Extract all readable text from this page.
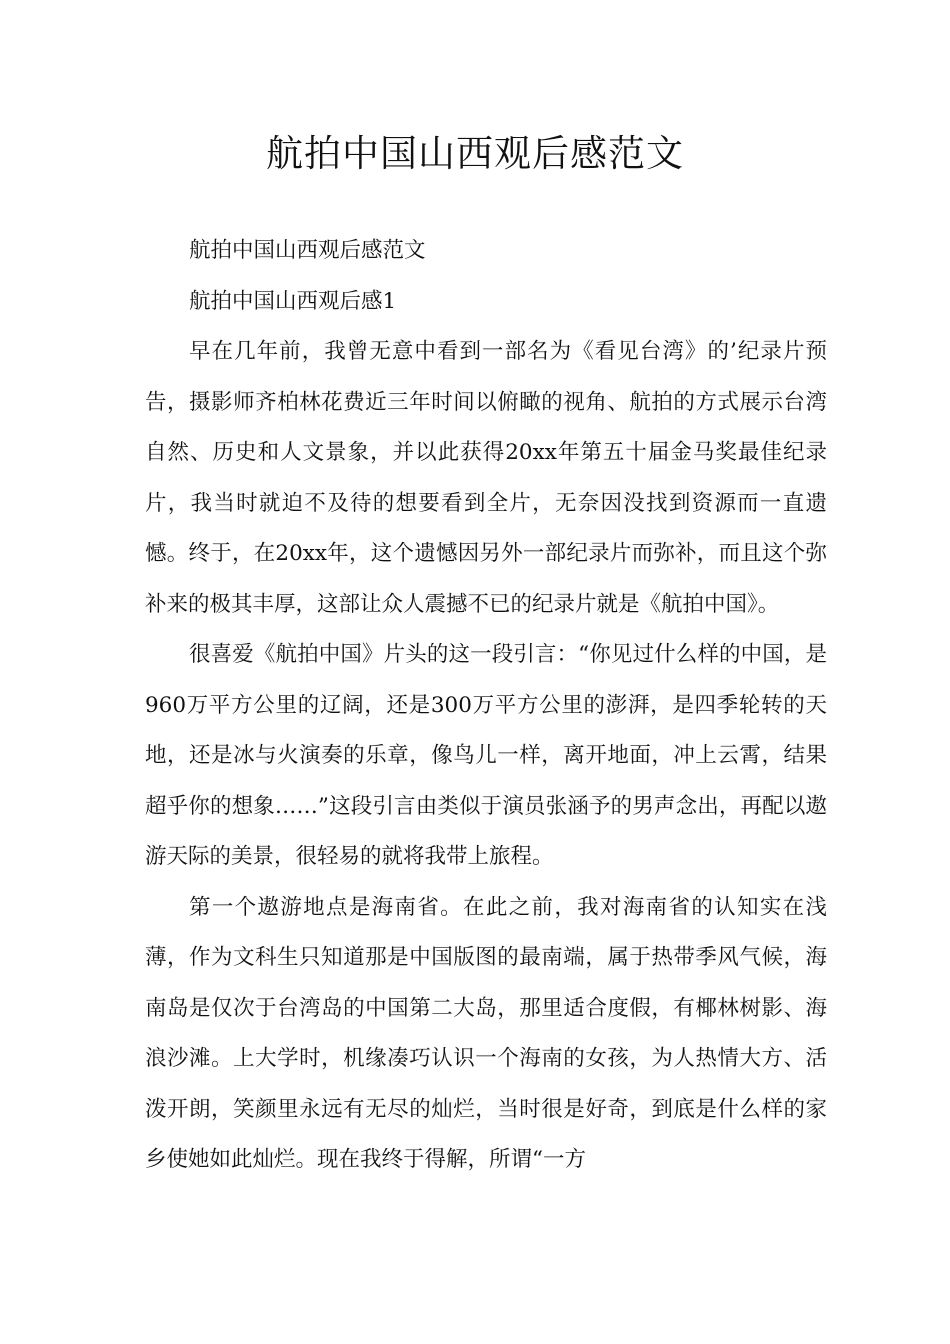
航拍中国山西观后感范文

航拍中国山西观后感范文

航拍中国山西观后感1

早在几年前，我曾无意中看到一部名为《看见台湾》的’纪录片预告，摄影师齐柏林花费近三年时间以俯瞰的视角、航拍的方式展示台湾自然、历史和人文景象，并以此获得20xx年第五十届金马奖最佳纪录片，我当时就迫不及待的想要看到全片，无奈因没找到资源而一直遗憾。终于，在20xx年，这个遗憾因另外一部纪录片而弥补，而且这个弥补来的极其丰厚，这部让众人震撼不已的纪录片就是《航拍中国》。

很喜爱《航拍中国》片头的这一段引言：“你见过什么样的中国，是960万平方公里的辽阔，还是300万平方公里的澎湃，是四季轮转的天地，还是冰与火演奏的乐章，像鸟儿一样，离开地面，冲上云霄，结果超乎你的想象……”这段引言由类似于演员张涵予的男声念出，再配以遨游天际的美景，很轻易的就将我带上旅程。

第一个遨游地点是海南省。在此之前，我对海南省的认知实在浅薄，作为文科生只知道那是中国版图的最南端，属于热带季风气候，海南岛是仅次于台湾岛的中国第二大岛，那里适合度假，有椰林树影、海浪沙滩。上大学时，机缘凑巧认识一个海南的女孩，为人热情大方、活泼开朗，笑颜里永远有无尽的灿烂，当时很是好奇，到底是什么样的家乡使她如此灿烂。现在我终于得解，所谓“一方
